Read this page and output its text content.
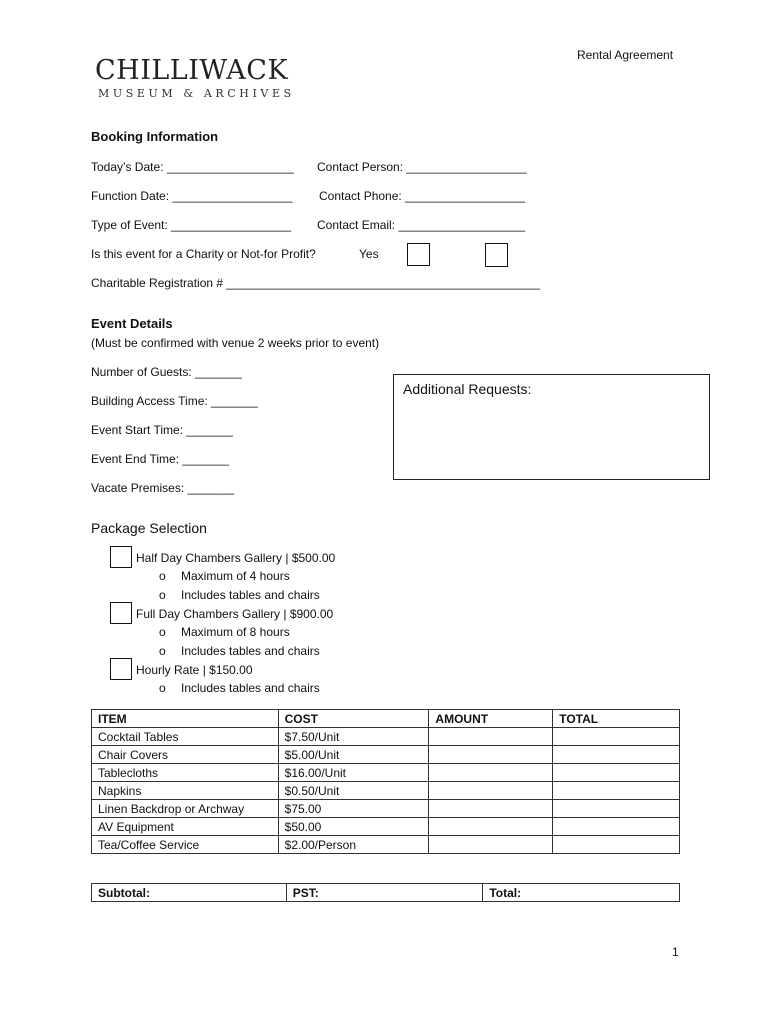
Rental Agreement
CHILLIWACK
MUSEUM & ARCHIVES
Booking Information
Today’s Date: ___________________ Contact Person: __________________
Function Date: __________________ Contact Phone: __________________
Type of Event: __________________ Contact Email: ___________________
Is this event for a Charity or Not-for Profit?	Yes
Charitable Registration # _______________________________________________
Event Details
(Must be confirmed with venue 2 weeks prior to event)
Number of Guests: _______
Building Access Time: _______
Event Start Time: _______
Event End Time: _______
Vacate Premises: _______
Additional Requests:
Package Selection
Half Day Chambers Gallery | $500.00
o Maximum of 4 hours
o Includes tables and chairs
Full Day Chambers Gallery | $900.00
o Maximum of 8 hours
o Includes tables and chairs
Hourly Rate | $150.00
o Includes tables and chairs
ITEM	COST	AMOUNT	TOTAL
Cocktail Tables	$7.50/Unit		
Chair Covers	$5.00/Unit		
Tablecloths	$16.00/Unit		
Napkins	$0.50/Unit		
Linen Backdrop or Archway	$75.00		
AV Equipment	$50.00		
Tea/Coffee Service	$2.00/Person		
Subtotal:	PST:	Total:
1
